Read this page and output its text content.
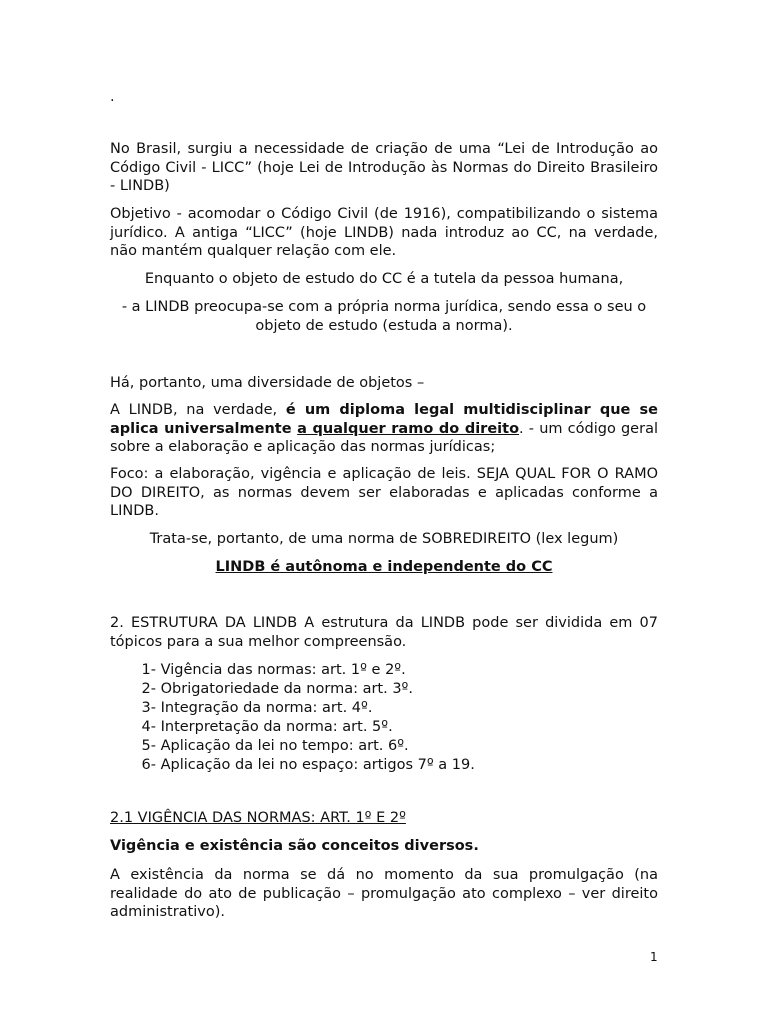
.

No Brasil, surgiu a necessidade de criação de uma “Lei de Introdução ao Código Civil - LICC” (hoje Lei de Introdução às Normas do Direito Brasileiro - LINDB)

Objetivo - acomodar o Código Civil (de 1916), compatibilizando o sistema jurídico. A antiga “LICC” (hoje LINDB) nada introduz ao CC, na verdade, não mantém qualquer relação com ele.

Enquanto o objeto de estudo do CC é a tutela da pessoa humana,

- a LINDB preocupa-se com a própria norma jurídica, sendo essa o seu o objeto de estudo (estuda a norma).

Há, portanto, uma diversidade de objetos –

A LINDB, na verdade, é um diploma legal multidisciplinar que se aplica universalmente a qualquer ramo do direito. - um código geral sobre a elaboração e aplicação das normas jurídicas;

Foco: a elaboração, vigência e aplicação de leis. SEJA QUAL FOR O RAMO DO DIREITO, as normas devem ser elaboradas e aplicadas conforme a LINDB.

Trata-se, portanto, de uma norma de SOBREDIREITO (lex legum)

LINDB é autônoma e independente do CC

2. ESTRUTURA DA LINDB A estrutura da LINDB pode ser dividida em 07 tópicos para a sua melhor compreensão.

1-
Vigência das normas: art. 1º e 2º.
2-
Obrigatoriedade da norma: art. 3º.
3-
Integração da norma: art. 4º.
4-
Interpretação da norma: art. 5º.
5-
Aplicação da lei no tempo: art. 6º.
6-
Aplicação da lei no espaço: artigos 7º a 19.

2.1 VIGÊNCIA DAS NORMAS: ART. 1º E 2º

Vigência e existência são conceitos diversos.

A existência da norma se dá no momento da sua promulgação (na realidade do ato de publicação – promulgação ato complexo – ver direito administrativo).

1
